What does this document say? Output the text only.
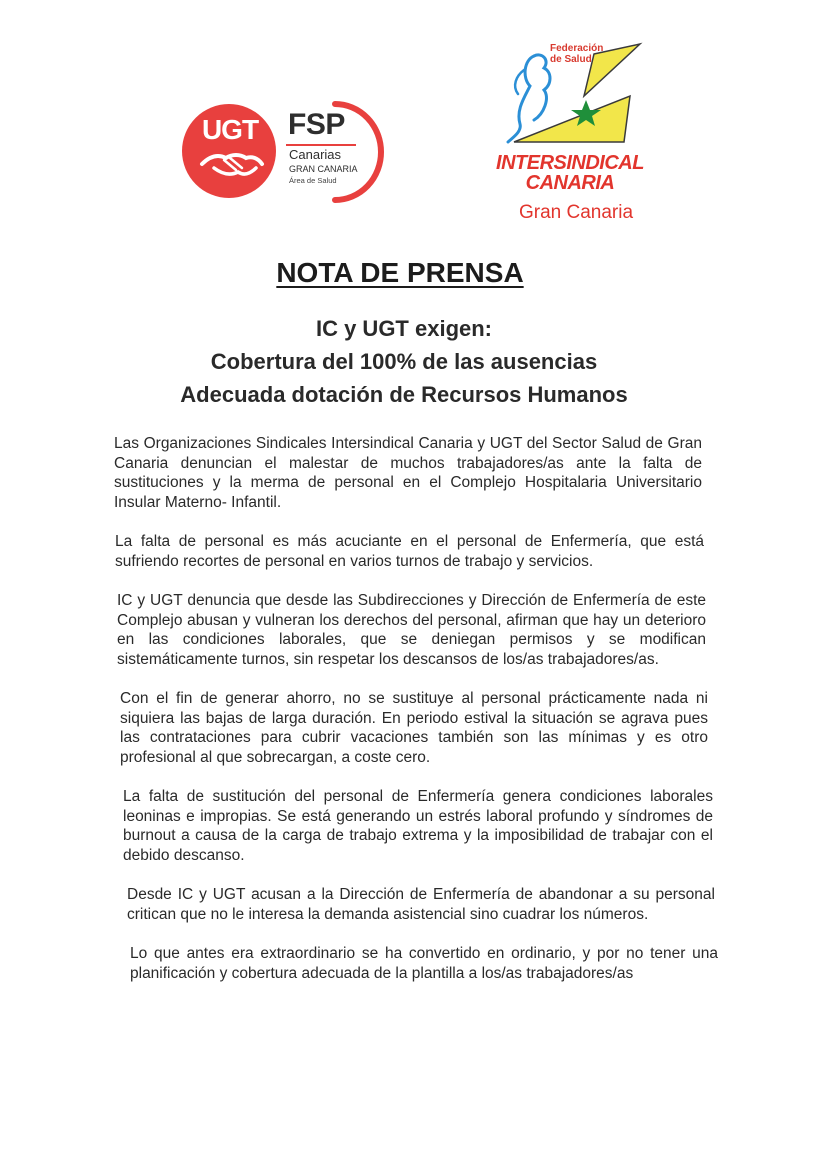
UGT FSP
Canarias
GRAN CANARIA
Área de Salud
Federación
de Salud
INTERSINDICAL
CANARIA
Gran Canaria
NOTA DE PRENSA
IC y UGT exigen:
Cobertura del 100% de las ausencias
Adecuada dotación de Recursos Humanos

Las Organizaciones Sindicales Intersindical Canaria y UGT del Sector Salud de Gran Canaria denuncian el malestar de muchos trabajadores/as ante la falta de sustituciones y la merma de personal en el Complejo Hospitalaria Universitario Insular Materno- Infantil.

La falta de personal es más acuciante en el personal de Enfermería, que está sufriendo recortes de personal en varios turnos de trabajo y servicios.

IC y UGT denuncia que desde las Subdirecciones y Dirección de Enfermería de este Complejo abusan y vulneran los derechos del personal, afirman que hay un deterioro en las condiciones laborales, que se deniegan permisos y se modifican sistemáticamente turnos, sin respetar los descansos de los/as trabajadores/as.

Con el fin de generar ahorro, no se sustituye al personal prácticamente nada ni siquiera las bajas de larga duración. En periodo estival la situación se agrava pues las contrataciones para cubrir vacaciones también son las mínimas y es otro profesional al que sobrecargan, a coste cero.

La falta de sustitución del personal de Enfermería genera condiciones laborales leoninas e impropias. Se está generando un estrés laboral profundo y síndromes de burnout a causa de la carga de trabajo extrema y la imposibilidad de trabajar con el debido descanso.

Desde IC y UGT acusan a la Dirección de Enfermería de abandonar a su personal critican que no le interesa la demanda asistencial sino cuadrar los números.

Lo que antes era extraordinario se ha convertido en ordinario, y por no tener una planificación y cobertura adecuada de la plantilla a los/as trabajadores/as
